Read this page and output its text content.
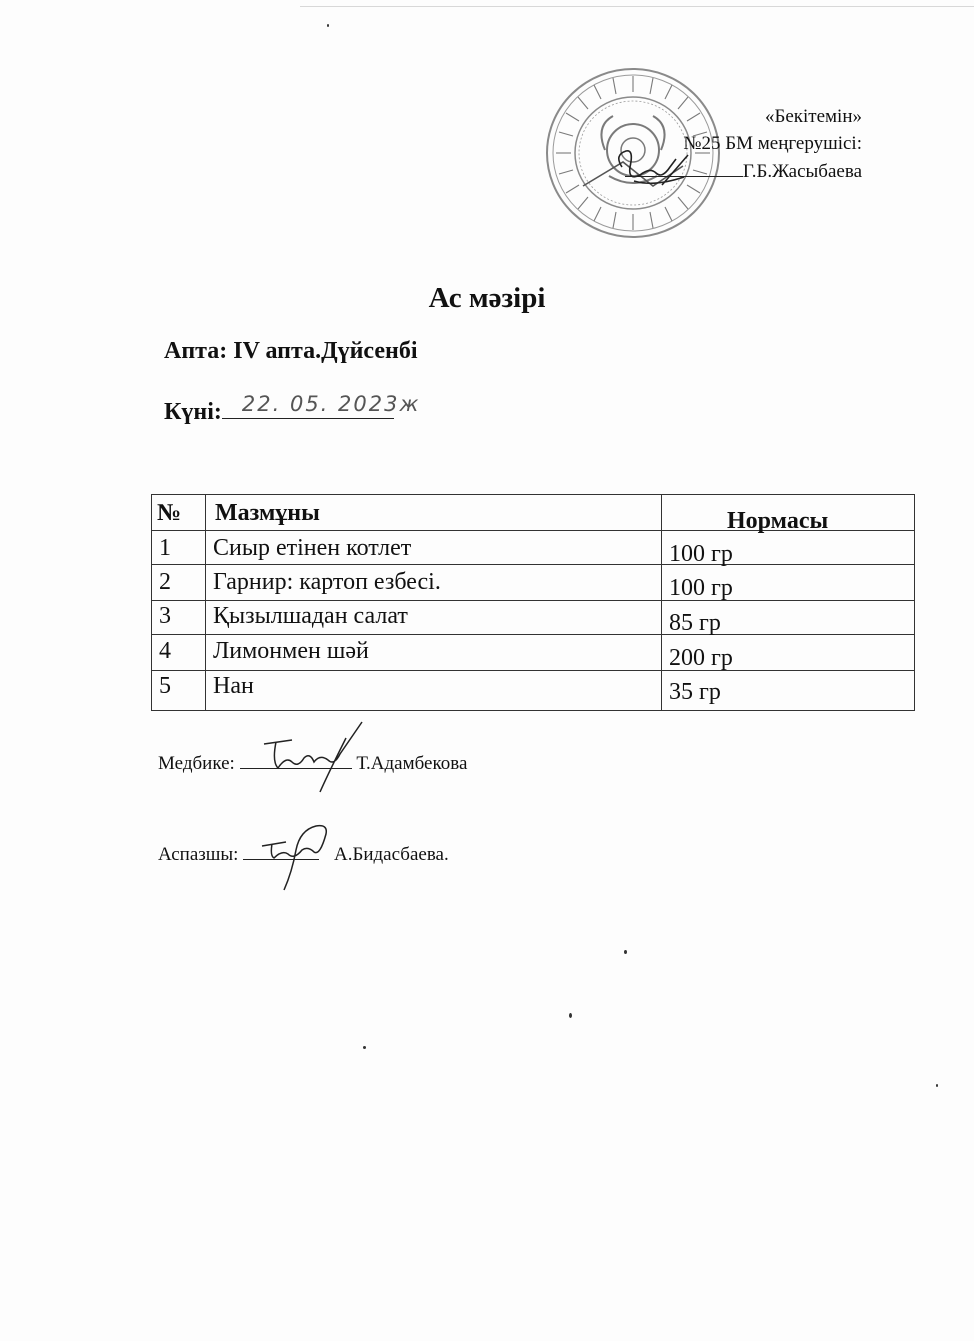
«Бекітемін»
№25 БМ меңгерушісі:
Г.Б.Жасыбаева
Ас мәзірі
Апта: IV апта.Дүйсенбі
Күні: 22. 05. 2023ж
№ Мазмұны	Нормасы
1 Сиыр етінен котлет	100 гр
2 Гарнир: картоп езбесі.	100 гр
3 Қызылшадан салат	85 гр
4 Лимонмен шәй	200 гр
5 Нан	35 гр
Медбике:	Т.Адамбекова
Аспазшы:	А.Бидасбаева.
